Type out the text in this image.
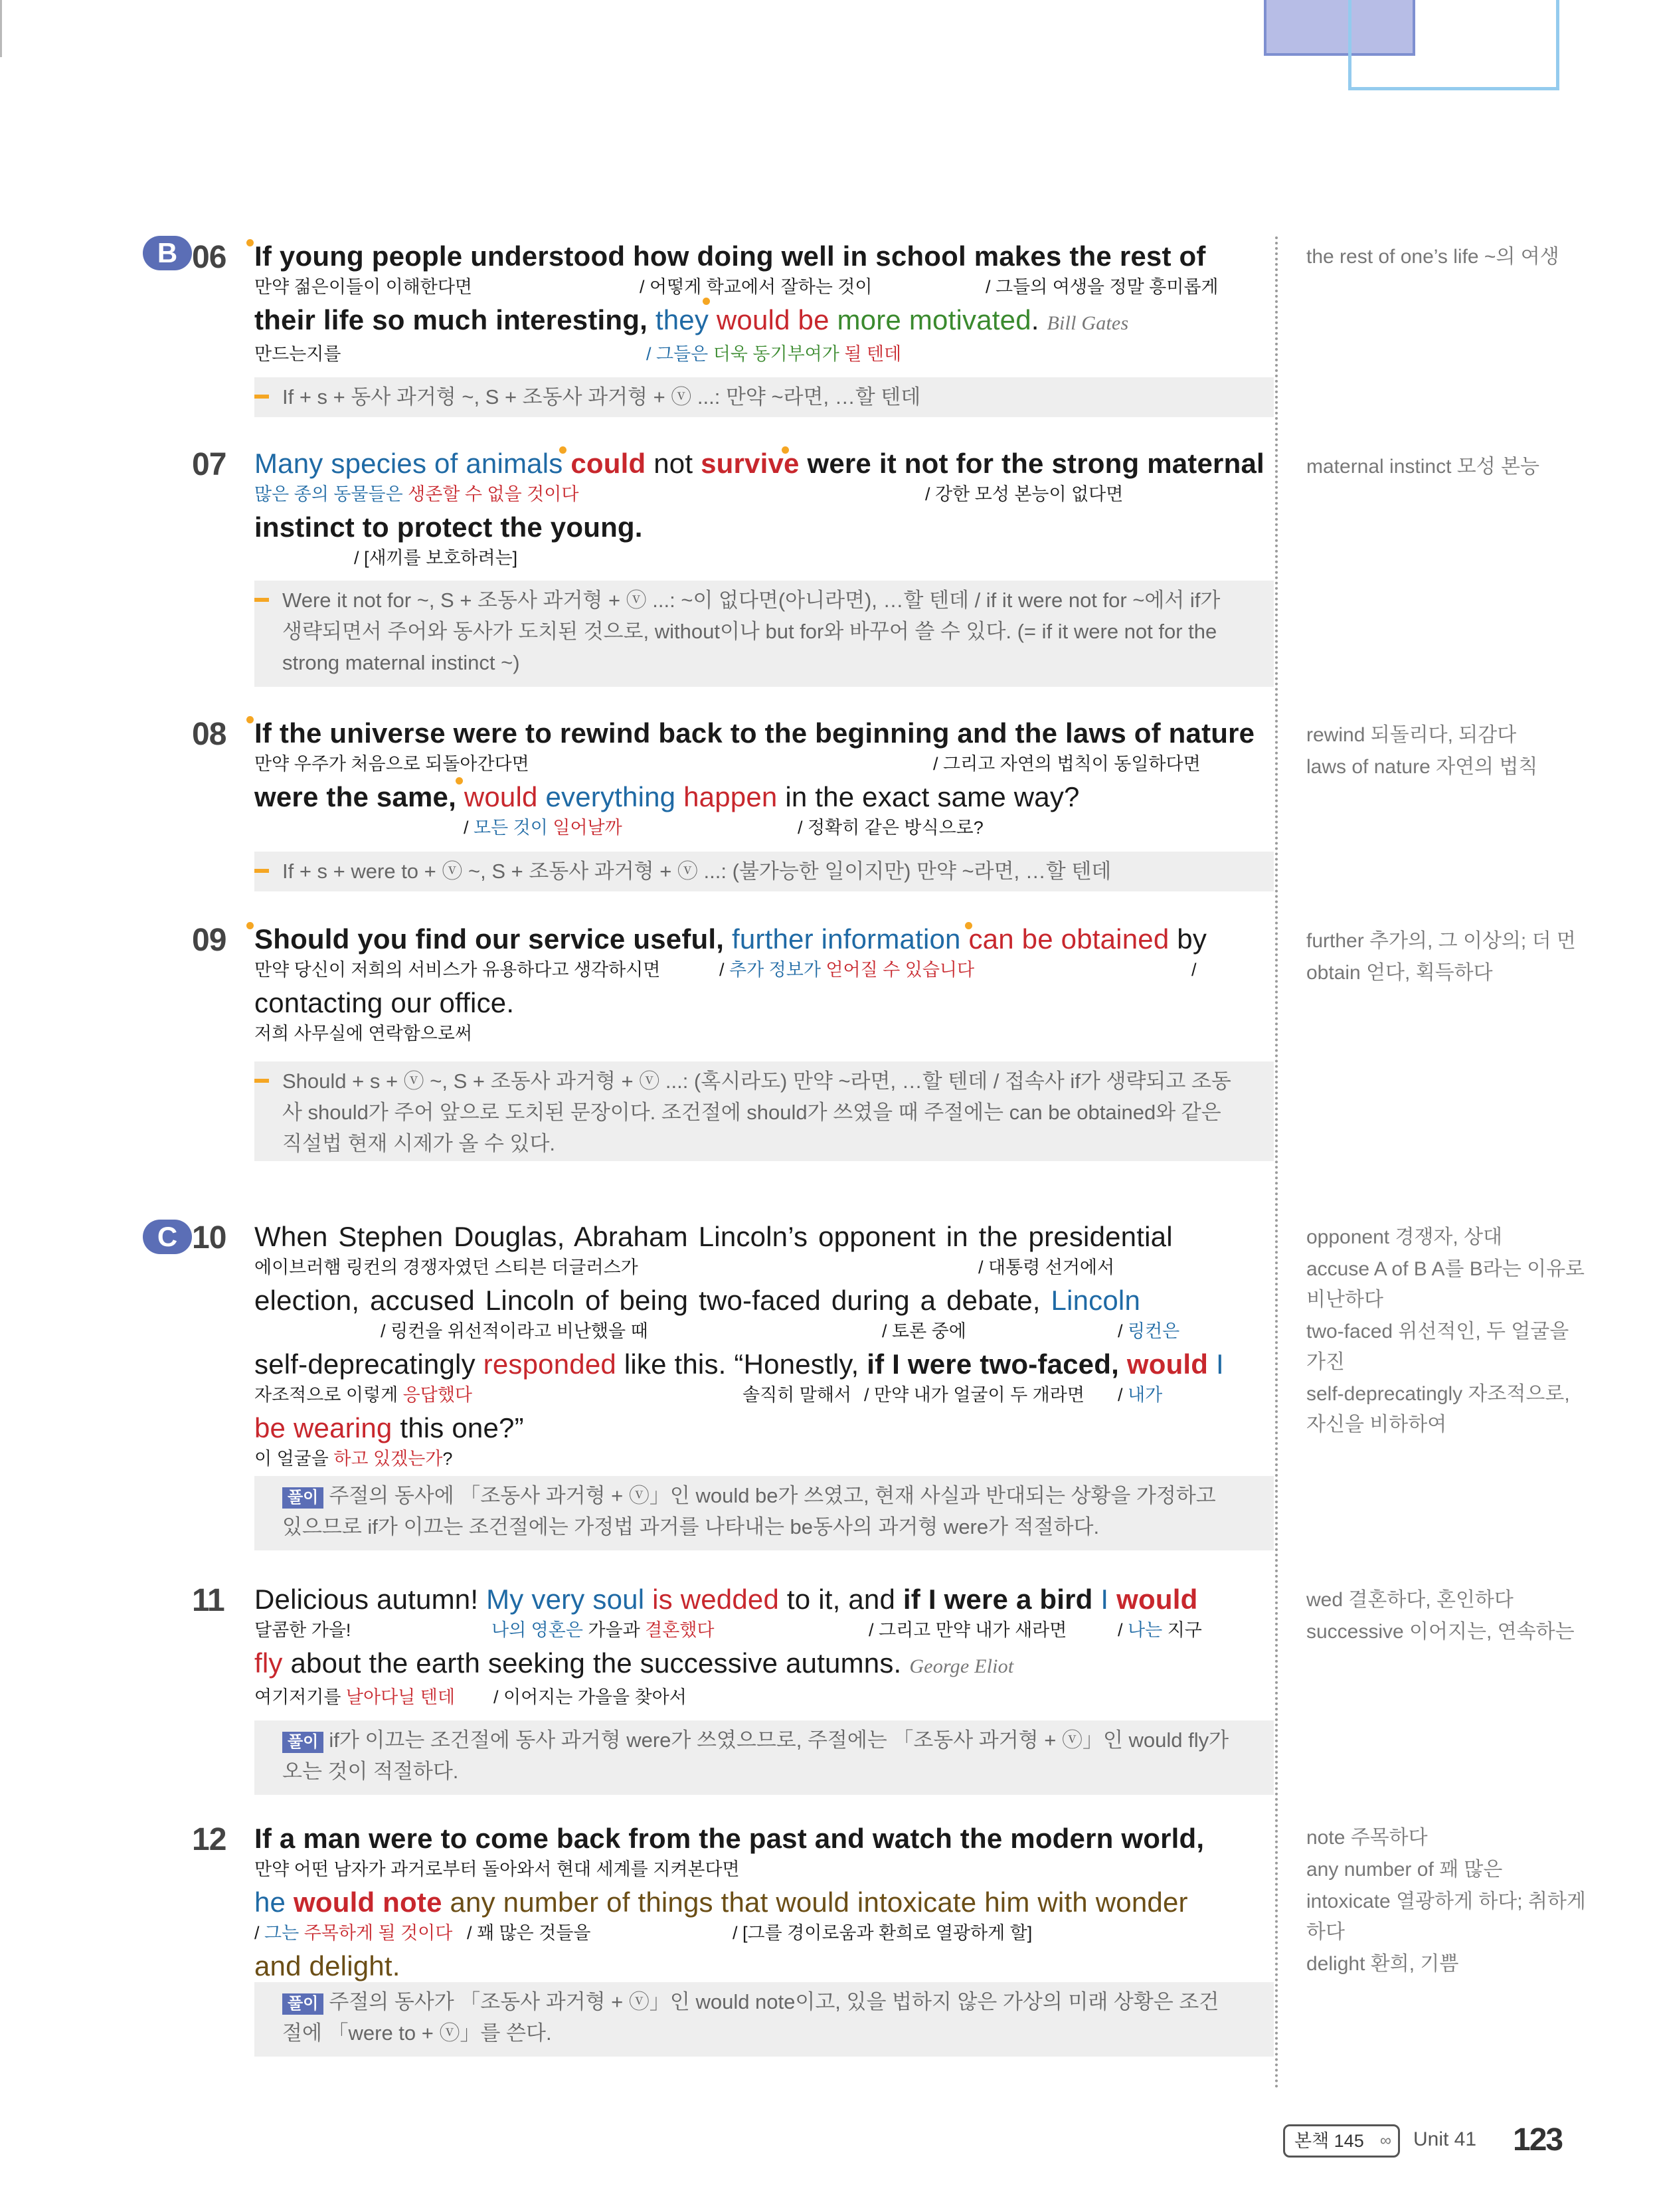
B
C
06 If young people understood how doing well in school makes the rest of
만약 젊은이들이 이해한다면	/ 어떻게 학교에서 잘하는 것이	/ 그들의 여생을 정말 흥미롭게
their life so much interesting, they would be more motivated. Bill Gates
만드는지를	/ 그들은 더욱 동기부여가 될 텐데
If + s + 동사 과거형 ~, S + 조동사 과거형 + ⓥ ...: 만약 ~라면, …할 텐데
07 Many species of animals could not survive were it not for the strong maternal
많은 종의 동물들은 생존할 수 없을 것이다	/ 강한 모성 본능이 없다면
instinct to protect the young.
/ [새끼를 보호하려는]
Were it not for ~, S + 조동사 과거형 + ⓥ ...: ~이 없다면(아니라면), …할 텐데 / if it were not for ~에서 if가 생략되면서 주어와 동사가 도치된 것으로, without이나 but for와 바꾸어 쓸 수 있다. (= if it were not for the strong maternal instinct ~)
08 If the universe were to rewind back to the beginning and the laws of nature
만약 우주가 처음으로 되돌아간다면	/ 그리고 자연의 법칙이 동일하다면
were the same, would everything happen in the exact same way?
/ 모든 것이 일어날까	/ 정확히 같은 방식으로?
If + s + were to + ⓥ ~, S + 조동사 과거형 + ⓥ ...: (불가능한 일이지만) 만약 ~라면, …할 텐데
09 Should you find our service useful, further information can be obtained by
만약 당신이 저희의 서비스가 유용하다고 생각하시면	/ 추가 정보가 얻어질 수 있습니다	/
contacting our office.
저희 사무실에 연락함으로써
Should + s + ⓥ ~, S + 조동사 과거형 + ⓥ ...: (혹시라도) 만약 ~라면, …할 텐데 / 접속사 if가 생략되고 조동사 should가 주어 앞으로 도치된 문장이다. 조건절에 should가 쓰였을 때 주절에는 can be obtained와 같은 직설법 현재 시제가 올 수 있다.
10 When Stephen Douglas, Abraham Lincoln’s opponent in the presidential
에이브러햄 링컨의 경쟁자였던 스티븐 더글러스가	/ 대통령 선거에서
election, accused Lincoln of being two-faced during a debate, Lincoln
/ 링컨을 위선적이라고 비난했을 때	/ 토론 중에	/ 링컨은
self-deprecatingly responded like this. “Honestly, if I were two-faced, would I
자조적으로 이렇게 응답했다	솔직히 말해서 / 만약 내가 얼굴이 두 개라면 / 내가
be wearing this one?”
이 얼굴을 하고 있겠는가?
풀이 주절의 동사에 「조동사 과거형 + ⓥ」인 would be가 쓰였고, 현재 사실과 반대되는 상황을 가정하고 있으므로 if가 이끄는 조건절에는 가정법 과거를 나타내는 be동사의 과거형 were가 적절하다.
11 Delicious autumn! My very soul is wedded to it, and if I were a bird I would
달콤한 가을!	나의 영혼은 가을과 결혼했다	/ 그리고 만약 내가 새라면	/ 나는 지구
fly about the earth seeking the successive autumns. George Eliot
여기저기를 날아다닐 텐데 / 이어지는 가을을 찾아서
풀이 if가 이끄는 조건절에 동사 과거형 were가 쓰였으므로, 주절에는 「조동사 과거형 + ⓥ」인 would fly가 오는 것이 적절하다.
12 If a man were to come back from the past and watch the modern world,
만약 어떤 남자가 과거로부터 돌아와서 현대 세계를 지켜본다면
he would note any number of things that would intoxicate him with wonder
/ 그는 주목하게 될 것이다 / 꽤 많은 것들을	/ [그를 경이로움과 환희로 열광하게 할]
and delight.
풀이 주절의 동사가 「조동사 과거형 + ⓥ」인 would note이고, 있을 법하지 않은 가상의 미래 상황은 조건절에 「were to + ⓥ」를 쓴다.
the rest of one’s life ~의 여생
maternal instinct 모성 본능
rewind 되돌리다, 되감다
laws of nature 자연의 법칙
further 추가의, 그 이상의; 더 먼
obtain 얻다, 획득하다
opponent 경쟁자, 상대
accuse A of B A를 B라는 이유로 비난하다
two-faced 위선적인, 두 얼굴을 가진
self-deprecatingly 자조적으로, 자신을 비하하여
wed 결혼하다, 혼인하다
successive 이어지는, 연속하는
note 주목하다
any number of 꽤 많은
intoxicate 열광하게 하다; 취하게 하다
delight 환희, 기쁨
본책 145 ∞ Unit 41 123
